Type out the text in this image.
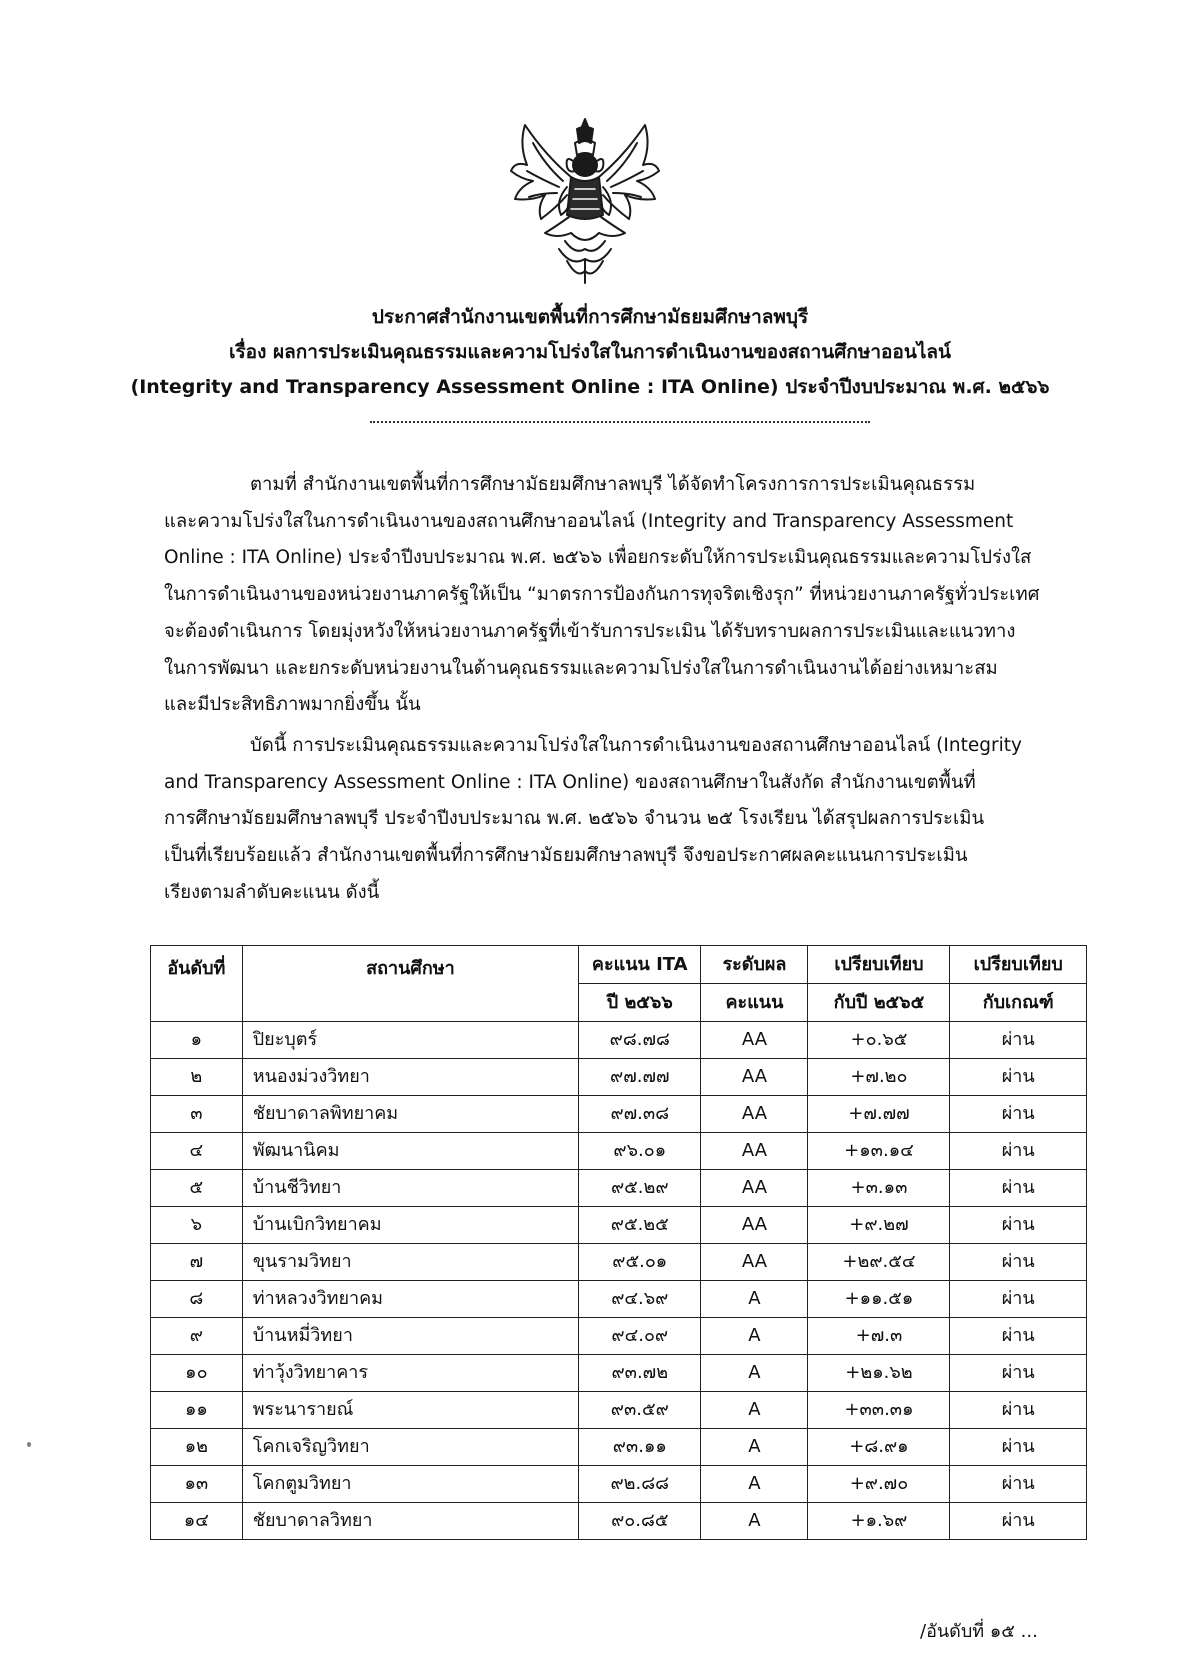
ประกาศสำนักงานเขตพื้นที่การศึกษามัธยมศึกษาลพบุรี
เรื่อง ผลการประเมินคุณธรรมและความโปร่งใสในการดำเนินงานของสถานศึกษาออนไลน์
(Integrity and Transparency Assessment Online : ITA Online) ประจำปีงบประมาณ พ.ศ. ๒๕๖๖
ตามที่ สำนักงานเขตพื้นที่การศึกษามัธยมศึกษาลพบุรี ได้จัดทำโครงการการประเมินคุณธรรม
และความโปร่งใสในการดำเนินงานของสถานศึกษาออนไลน์ (Integrity and Transparency Assessment
Online : ITA Online) ประจำปีงบประมาณ พ.ศ. ๒๕๖๖ เพื่อยกระดับให้การประเมินคุณธรรมและความโปร่งใส
ในการดำเนินงานของหน่วยงานภาครัฐให้เป็น “มาตรการป้องกันการทุจริตเชิงรุก” ที่หน่วยงานภาครัฐทั่วประเทศ
จะต้องดำเนินการ โดยมุ่งหวังให้หน่วยงานภาครัฐที่เข้ารับการประเมิน ได้รับทราบผลการประเมินและแนวทาง
ในการพัฒนา และยกระดับหน่วยงานในด้านคุณธรรมและความโปร่งใสในการดำเนินงานได้อย่างเหมาะสม
และมีประสิทธิภาพมากยิ่งขึ้น นั้น
บัดนี้ การประเมินคุณธรรมและความโปร่งใสในการดำเนินงานของสถานศึกษาออนไลน์ (Integrity
and Transparency Assessment Online : ITA Online) ของสถานศึกษาในสังกัด สำนักงานเขตพื้นที่
การศึกษามัธยมศึกษาลพบุรี ประจำปีงบประมาณ พ.ศ. ๒๕๖๖ จำนวน ๒๕ โรงเรียน ได้สรุปผลการประเมิน
เป็นที่เรียบร้อยแล้ว สำนักงานเขตพื้นที่การศึกษามัธยมศึกษาลพบุรี จึงขอประกาศผลคะแนนการประเมิน
เรียงตามลำดับคะแนน ดังนี้
อันดับที่	สถานศึกษา	คะแนน ITA	ระดับผล	เปรียบเทียบ	เปรียบเทียบ
		ปี ๒๕๖๖	คะแนน	กับปี ๒๕๖๕	กับเกณฑ์
๑	ปิยะบุตร์	๙๘.๗๘	AA	+๐.๖๕	ผ่าน
๒	หนองม่วงวิทยา	๙๗.๗๗	AA	+๗.๒๐	ผ่าน
๓	ชัยบาดาลพิทยาคม	๙๗.๓๘	AA	+๗.๗๗	ผ่าน
๔	พัฒนานิคม	๙๖.๐๑	AA	+๑๓.๑๔	ผ่าน
๕	บ้านชีวิทยา	๙๕.๒๙	AA	+๓.๑๓	ผ่าน
๖	บ้านเบิกวิทยาคม	๙๕.๒๕	AA	+๙.๒๗	ผ่าน
๗	ขุนรามวิทยา	๙๕.๐๑	AA	+๒๙.๕๔	ผ่าน
๘	ท่าหลวงวิทยาคม	๙๔.๖๙	A	+๑๑.๕๑	ผ่าน
๙	บ้านหมี่วิทยา	๙๔.๐๙	A	+๗.๓	ผ่าน
๑๐	ท่าวุ้งวิทยาคาร	๙๓.๗๒	A	+๒๑.๖๒	ผ่าน
๑๑	พระนารายณ์	๙๓.๕๙	A	+๓๓.๓๑	ผ่าน
๑๒	โคกเจริญวิทยา	๙๓.๑๑	A	+๘.๙๑	ผ่าน
๑๓	โคกตูมวิทยา	๙๒.๘๘	A	+๙.๗๐	ผ่าน
๑๔	ชัยบาดาลวิทยา	๙๐.๘๕	A	+๑.๖๙	ผ่าน
/อันดับที่ ๑๕ ...
